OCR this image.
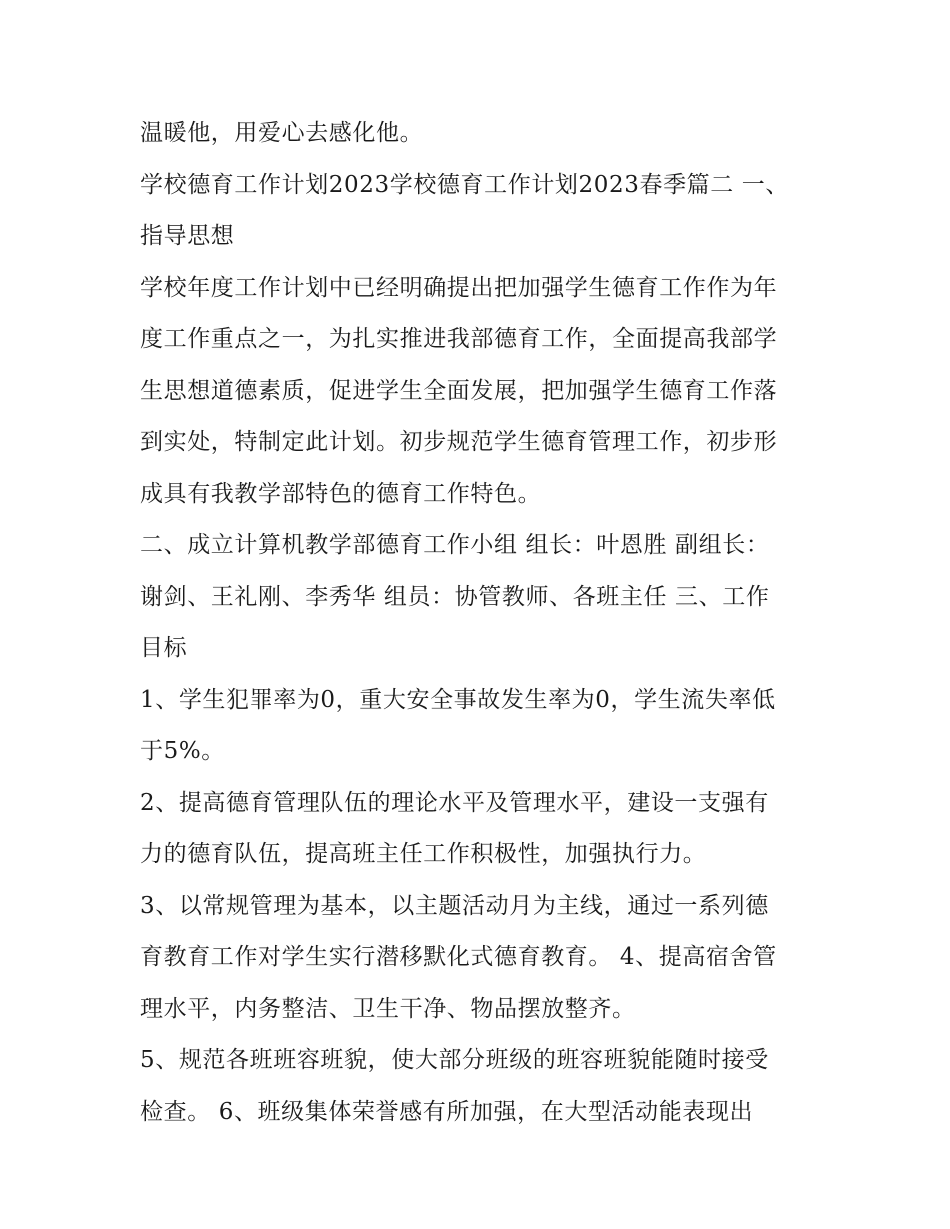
温暖他，用爱心去感化他。

学校德育工作计划2023学校德育工作计划2023春季篇二 一、

指导思想

学校年度工作计划中已经明确提出把加强学生德育工作作为年

度工作重点之一，为扎实推进我部德育工作，全面提高我部学

生思想道德素质，促进学生全面发展，把加强学生德育工作落

到实处，特制定此计划。初步规范学生德育管理工作，初步形

成具有我教学部特色的德育工作特色。

二、成立计算机教学部德育工作小组 组长：叶恩胜 副组长：

谢剑、王礼刚、李秀华 组员：协管教师、各班主任 三、工作

目标

1、学生犯罪率为0，重大安全事故发生率为0，学生流失率低

于5%。

2、提高德育管理队伍的理论水平及管理水平，建设一支强有

力的德育队伍，提高班主任工作积极性，加强执行力。

3、以常规管理为基本，以主题活动月为主线，通过一系列德

育教育工作对学生实行潜移默化式德育教育。 4、提高宿舍管

理水平，内务整洁、卫生干净、物品摆放整齐。

5、规范各班班容班貌，使大部分班级的班容班貌能随时接受

检查。 6、班级集体荣誉感有所加强，在大型活动能表现出
